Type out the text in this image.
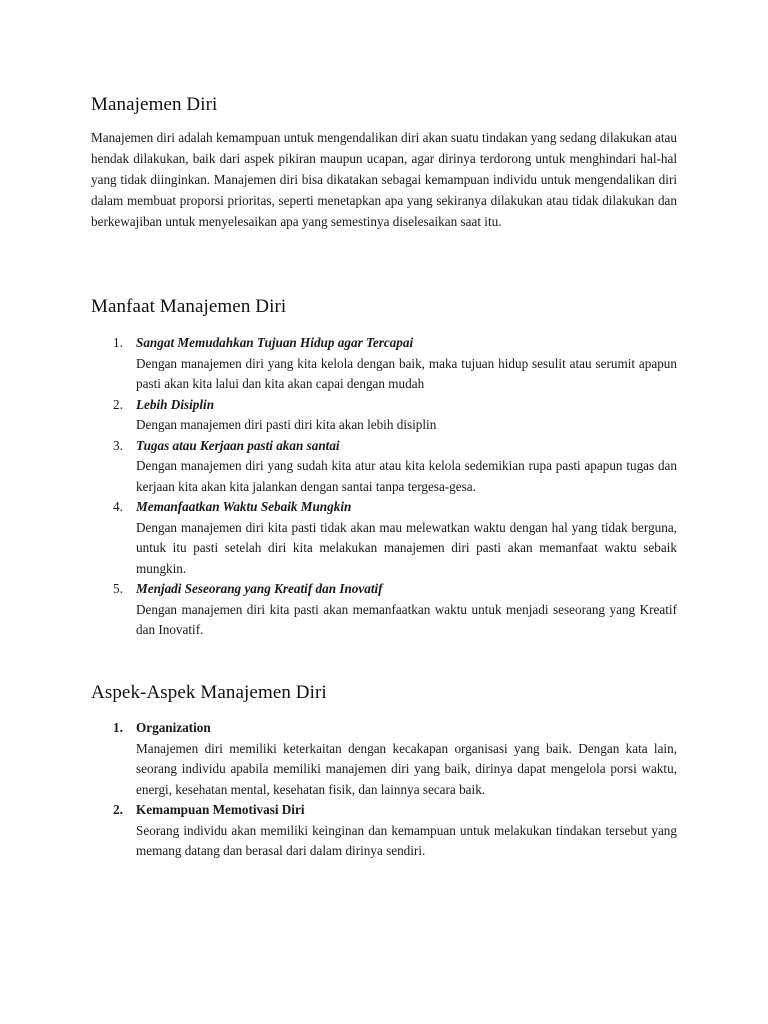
Manajemen Diri

Manajemen diri adalah kemampuan untuk mengendalikan diri akan suatu tindakan yang sedang dilakukan atau hendak dilakukan, baik dari aspek pikiran maupun ucapan, agar dirinya terdorong untuk menghindari hal-hal yang tidak diinginkan. Manajemen diri bisa dikatakan sebagai kemampuan individu untuk mengendalikan diri dalam membuat proporsi prioritas, seperti menetapkan apa yang sekiranya dilakukan atau tidak dilakukan dan berkewajiban untuk menyelesaikan apa yang semestinya diselesaikan saat itu.

Manfaat Manajemen Diri
1. Sangat Memudahkan Tujuan Hidup agar Tercapai
Dengan manajemen diri yang kita kelola dengan baik, maka tujuan hidup sesulit atau serumit apapun pasti akan kita lalui dan kita akan capai dengan mudah
2. Lebih Disiplin
Dengan manajemen diri pasti diri kita akan lebih disiplin
3. Tugas atau Kerjaan pasti akan santai
Dengan manajemen diri yang sudah kita atur atau kita kelola sedemikian rupa pasti apapun tugas dan kerjaan kita akan kita jalankan dengan santai tanpa tergesa-gesa.
4. Memanfaatkan Waktu Sebaik Mungkin
Dengan manajemen diri kita pasti tidak akan mau melewatkan waktu dengan hal yang tidak berguna, untuk itu pasti setelah diri kita melakukan manajemen diri pasti akan memanfaat waktu sebaik mungkin.
5. Menjadi Seseorang yang Kreatif dan Inovatif
Dengan manajemen diri kita pasti akan memanfaatkan waktu untuk menjadi seseorang yang Kreatif dan Inovatif.
Aspek-Aspek Manajemen Diri
1. Organization
Manajemen diri memiliki keterkaitan dengan kecakapan organisasi yang baik. Dengan kata lain, seorang individu apabila memiliki manajemen diri yang baik, dirinya dapat mengelola porsi waktu, energi, kesehatan mental, kesehatan fisik, dan lainnya secara baik.
2. Kemampuan Memotivasi Diri
Seorang individu akan memiliki keinginan dan kemampuan untuk melakukan tindakan tersebut yang memang datang dan berasal dari dalam dirinya sendiri.
